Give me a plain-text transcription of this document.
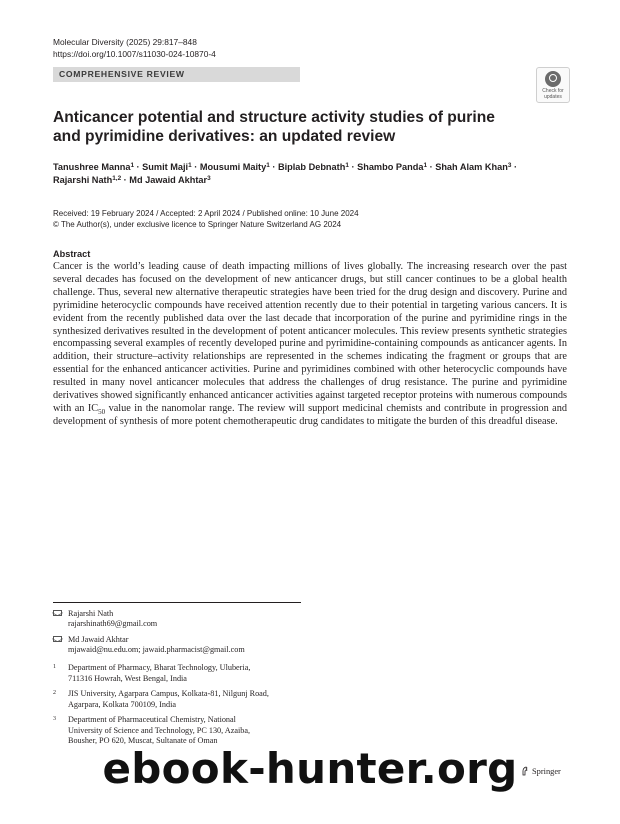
Molecular Diversity (2025) 29:817–848
https://doi.org/10.1007/s11030-024-10870-4
COMPREHENSIVE REVIEW
Check for
updates
Anticancer potential and structure activity studies of purine
and pyrimidine derivatives: an updated review
Tanushree Manna$^1$ · Sumit Maji$^1$ · Mousumi Maity$^1$ · Biplab Debnath$^1$ · Shambo Panda$^1$ · Shah Alam Khan$^3$ ·
Rajarshi Nath$^{1,2}$ · Md Jawaid Akhtar$^3$
Received: 19 February 2024 / Accepted: 2 April 2024 / Published online: 10 June 2024
© The Author(s), under exclusive licence to Springer Nature Switzerland AG 2024
Abstract
Cancer is the world’s leading cause of death impacting millions of lives globally. The increasing research over the past several decades has focused on the development of new anticancer drugs, but still cancer continues to be a global health challenge. Thus, several new alternative therapeutic strategies have been tried for the drug design and discovery. Purine and pyrimidine heterocyclic compounds have received attention recently due to their potential in targeting various cancers. It is evident from the recently published data over the last decade that incorporation of the purine and pyrimidine rings in the synthesized derivatives resulted in the development of potent anticancer molecules. This review presents synthetic strategies encompassing several examples of recently developed purine and pyrimidine-containing compounds as anticancer agents. In addition, their structure–activity relationships are represented in the schemes indicating the fragment or groups that are essential for the enhanced anticancer activities. Purine and pyrimidines combined with other heterocyclic compounds have resulted in many novel anticancer molecules that address the challenges of drug resistance. The purine and pyrimidine derivatives showed significantly enhanced anticancer activities against targeted receptor proteins with numerous compounds with an $IC_{50}$ value in the nanomolar range. The review will support medicinal chemists and contribute in progression and development of synthesis of more potent chemotherapeutic drug candidates to mitigate the burden of this dreadful disease.
Rajarshi Nath
rajarshinath69@gmail.com
Md Jawaid Akhtar
mjawaid@nu.edu.om; jawaid.pharmacist@gmail.com
1 Department of Pharmacy, Bharat Technology, Uluberia,
711316 Howrah, West Bengal, India
2 JIS University, Agarpara Campus, Kolkata-81, Nilgunj Road,
Agarpara, Kolkata 700109, India
3 Department of Pharmaceutical Chemistry, National
University of Science and Technology, PC 130, Azaiba,
Bousher, PO 620, Muscat, Sultanate of Oman
Springer
ebook-hunter.org
